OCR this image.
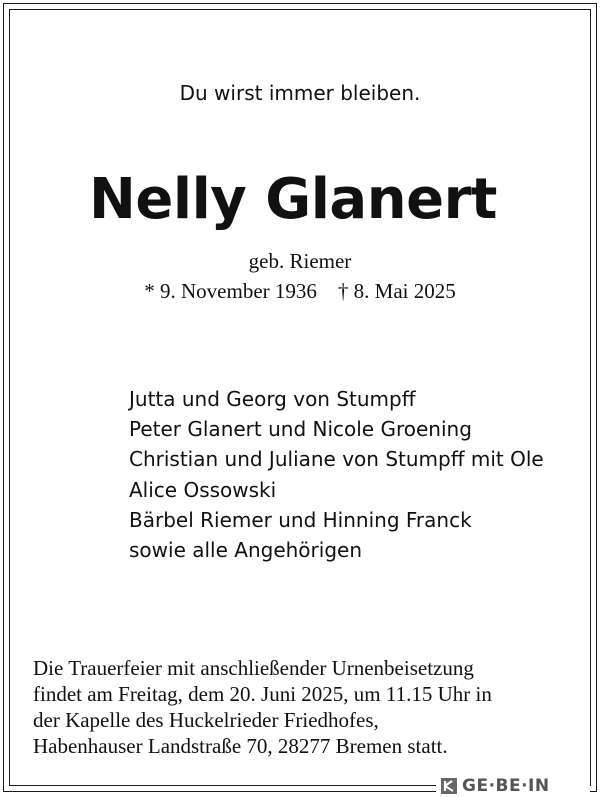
Du wirst immer bleiben.
Nelly Glanert
geb. Riemer
* 9. November 1936    † 8. Mai 2025
Jutta und Georg von Stumpff
Peter Glanert und Nicole Groening
Christian und Juliane von Stumpff mit Ole
Alice Ossowski
Bärbel Riemer und Hinning Franck
sowie alle Angehörigen
Die Trauerfeier mit anschließender Urnenbeisetzung
findet am Freitag, dem 20. Juni 2025, um 11.15 Uhr in
der Kapelle des Huckelrieder Friedhofes,
Habenhauser Landstraße 70, 28277 Bremen statt.
GE·BE·IN
